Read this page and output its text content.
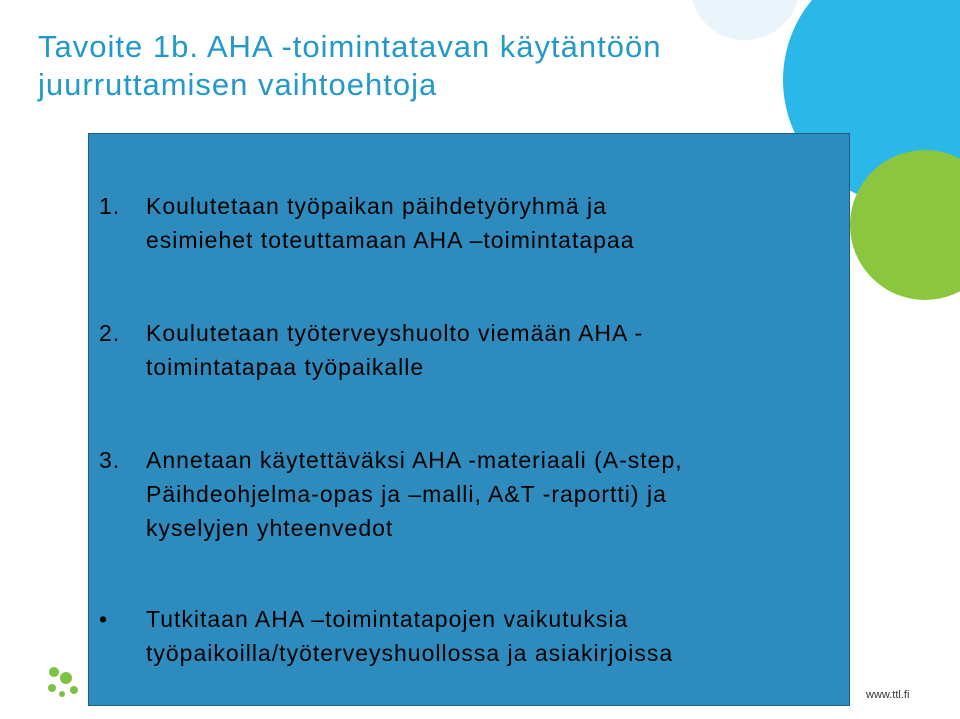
Tavoite 1b. AHA -toimintatavan käytäntöön
juurruttamisen vaihtoehtoja
1. Koulutetaan työpaikan päihdetyöryhmä ja
esimiehet toteuttamaan AHA –toimintatapaa
2. Koulutetaan työterveyshuolto viemään AHA -
toimintatapaa työpaikalle
3. Annetaan käytettäväksi AHA -materiaali (A-step,
Päihdeohjelma-opas ja –malli, A&T -raportti) ja
kyselyjen yhteenvedot
• Tutkitaan AHA –toimintatapojen vaikutuksia
työpaikoilla/työterveyshuollossa ja asiakirjoissa
www.ttl.fi
